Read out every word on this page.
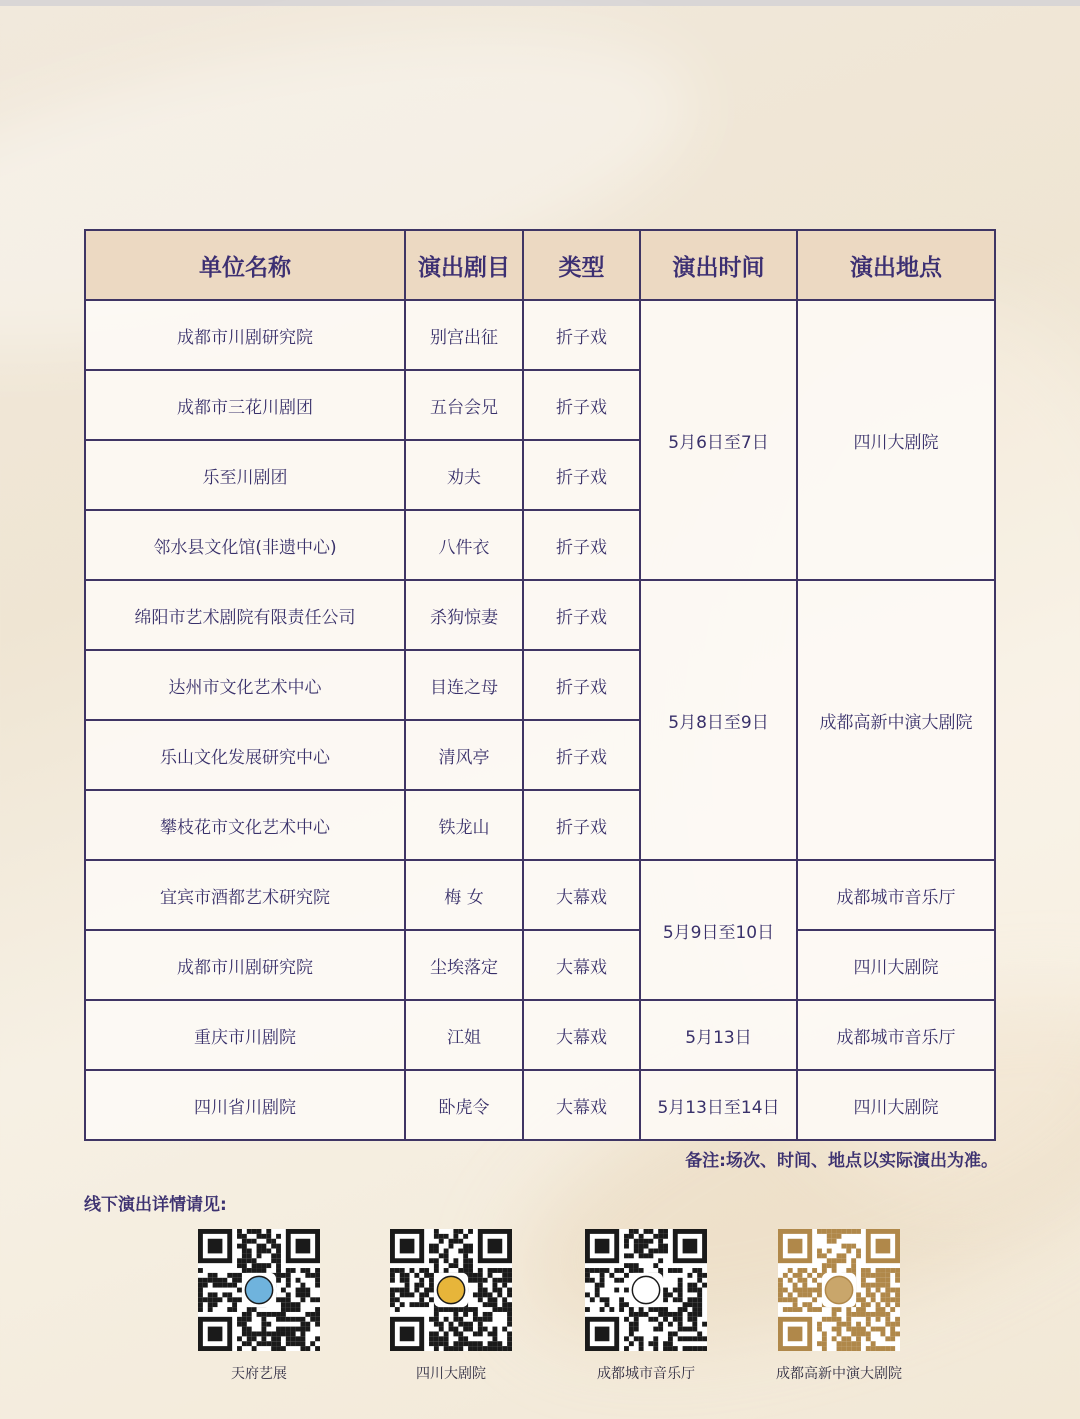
单位名称	演出剧目	类型	演出时间	演出地点
成都市川剧研究院	别宫出征	折子戏	5月6日至7日	四川大剧院
成都市三花川剧团	五台会兄	折子戏		
乐至川剧团	劝夫	折子戏		
邻水县文化馆(非遗中心)	八件衣	折子戏		
绵阳市艺术剧院有限责任公司	杀狗惊妻	折子戏	5月8日至9日	成都高新中演大剧院
达州市文化艺术中心	目连之母	折子戏		
乐山文化发展研究中心	清风亭	折子戏		
攀枝花市文化艺术中心	铁龙山	折子戏		
宜宾市酒都艺术研究院	梅 女	大幕戏	5月9日至10日	成都城市音乐厅
成都市川剧研究院	尘埃落定	大幕戏		四川大剧院
重庆市川剧院	江姐	大幕戏	5月13日	成都城市音乐厅
四川省川剧院	卧虎令	大幕戏	5月13日至14日	四川大剧院
备注:场次、时间、地点以实际演出为准。
线下演出详情请见:
天府艺展	四川大剧院	成都城市音乐厅	成都高新中演大剧院
